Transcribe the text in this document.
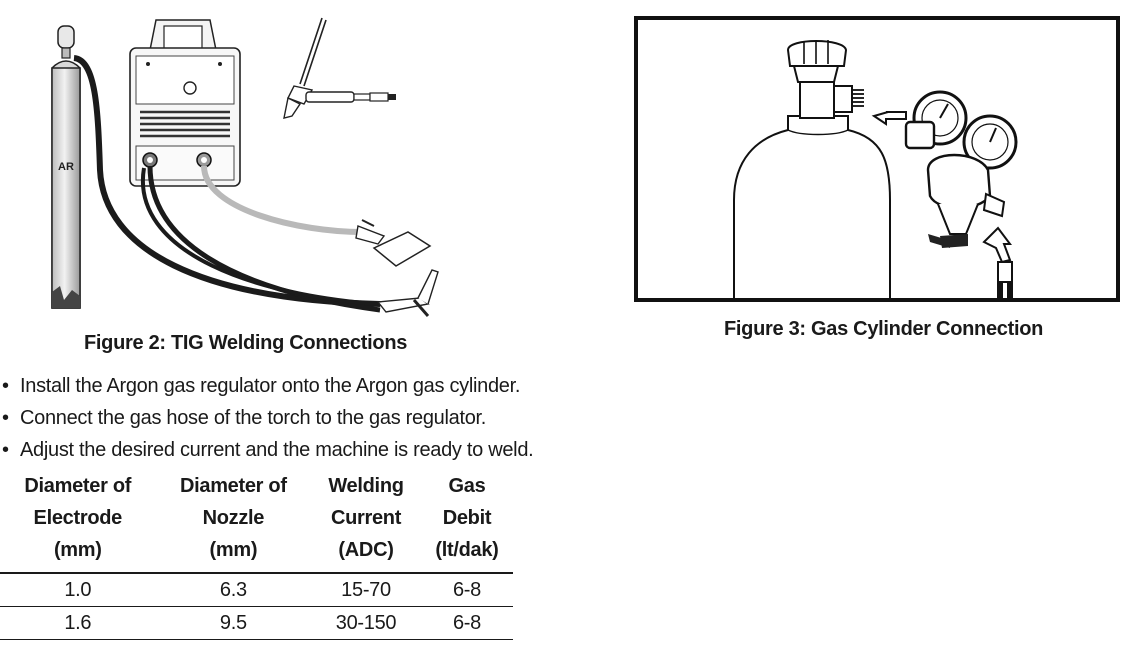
AR
Figure 2: TIG Welding Connections
Figure 3: Gas Cylinder Connection
• Install the Argon gas regulator onto the Argon gas cylinder.
• Connect the gas hose of the torch to the gas regulator.
• Adjust the desired current and the machine is ready to weld.
Diameter of
Electrode
(mm)	Diameter of
Nozzle
(mm)	Welding
Current
(ADC)	Gas
Debit
(lt/dak)

1.0	6.3	15-70	6-8
1.6	9.5	30-150	6-8
